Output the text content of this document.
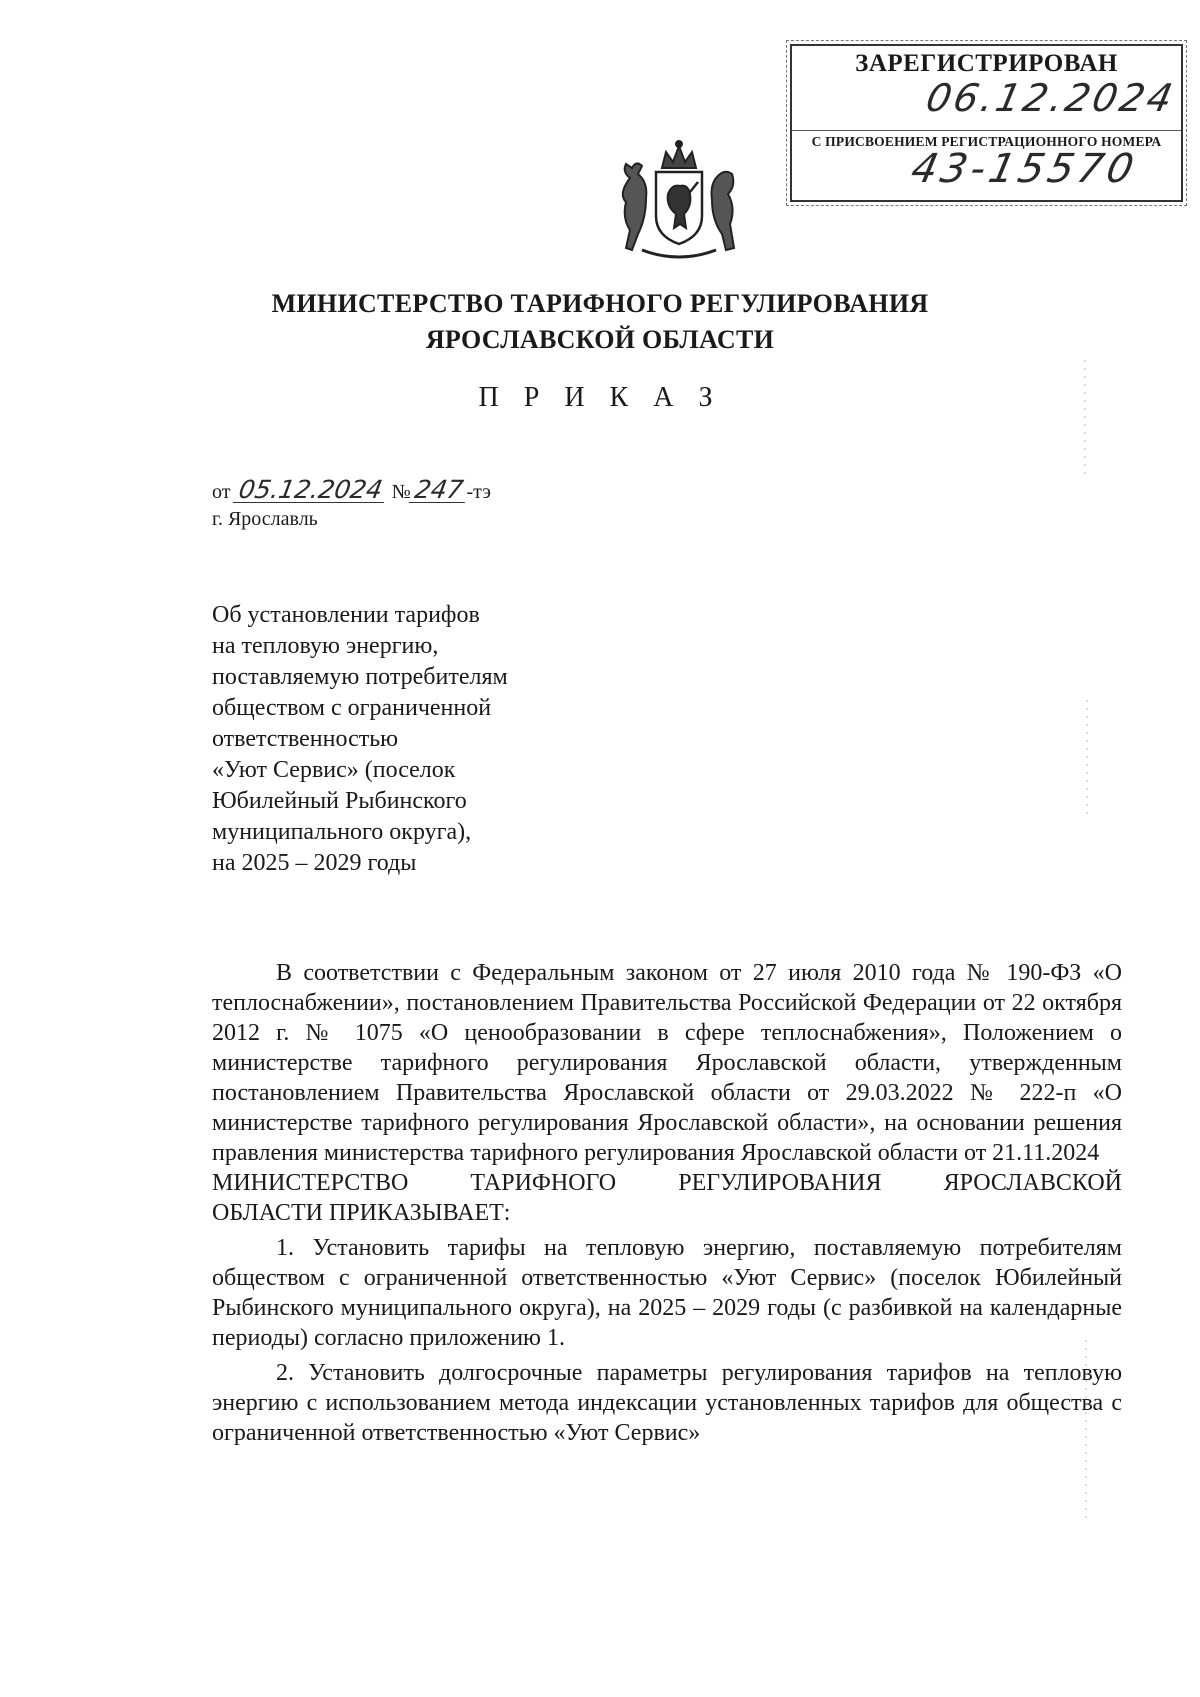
ЗАРЕГИСТРИРОВАН
06.12.2024
С ПРИСВОЕНИЕМ РЕГИСТРАЦИОННОГО НОМЕРА
43-15570
МИНИСТЕРСТВО ТАРИФНОГО РЕГУЛИРОВАНИЯ
ЯРОСЛАВСКОЙ ОБЛАСТИ
П Р И К А З
от 05.12.2024 №247-тэ
г. Ярославль
Об установлении тарифов
на тепловую энергию,
поставляемую потребителям
обществом с ограниченной
ответственностью
«Уют Сервис» (поселок
Юбилейный Рыбинского
муниципального округа),
на 2025 – 2029 годы

В соответствии с Федеральным законом от 27 июля 2010 года № 190-ФЗ «О теплоснабжении», постановлением Правительства Российской Федерации от 22 октября 2012 г. № 1075 «О ценообразовании в сфере теплоснабжения», Положением о министерстве тарифного регулирования Ярославской области, утвержденным постановлением Правительства Ярославской области от 29.03.2022 № 222-п «О министерстве тарифного регулирования Ярославской области», на основании решения правления министерства тарифного регулирования Ярославской области от 21.11.2024

МИНИСТЕРСТВО ТАРИФНОГО РЕГУЛИРОВАНИЯ ЯРОСЛАВСКОЙ
ОБЛАСТИ ПРИКАЗЫВАЕТ:

1. Установить тарифы на тепловую энергию, поставляемую потребителям обществом с ограниченной ответственностью «Уют Сервис» (поселок Юбилейный Рыбинского муниципального округа), на 2025 – 2029 годы (с разбивкой на календарные периоды) согласно приложению 1.

2. Установить долгосрочные параметры регулирования тарифов на тепловую энергию с использованием метода индексации установленных тарифов для общества с ограниченной ответственностью «Уют Сервис»
